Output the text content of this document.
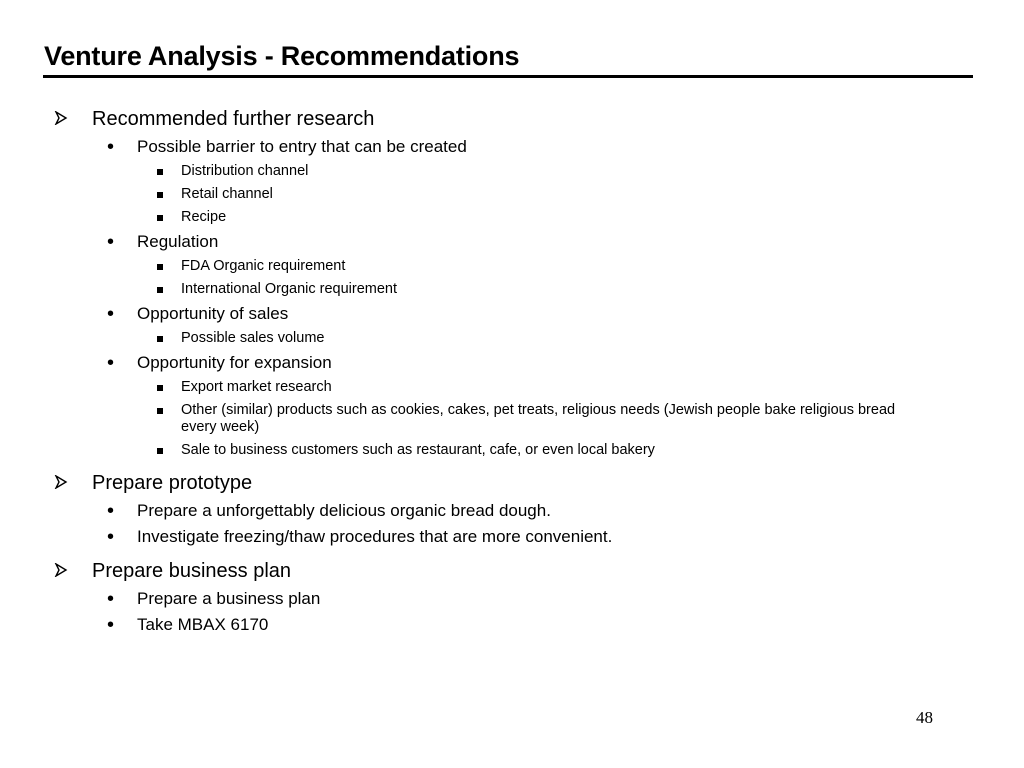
Venture Analysis - Recommendations
Recommended further research
• Possible barrier to entry that can be created
Distribution channel
Retail channel
Recipe
• Regulation
FDA Organic requirement
International Organic requirement
• Opportunity of sales
Possible sales volume
• Opportunity for expansion
Export market research
Other (similar) products such as cookies, cakes, pet treats, religious needs (Jewish people bake religious bread every week)
Sale to business customers such as restaurant, cafe, or even local bakery
Prepare prototype
• Prepare a unforgettably delicious organic bread dough.
• Investigate freezing/thaw procedures that are more convenient.
Prepare business plan
• Prepare a business plan
• Take MBAX 6170
48
